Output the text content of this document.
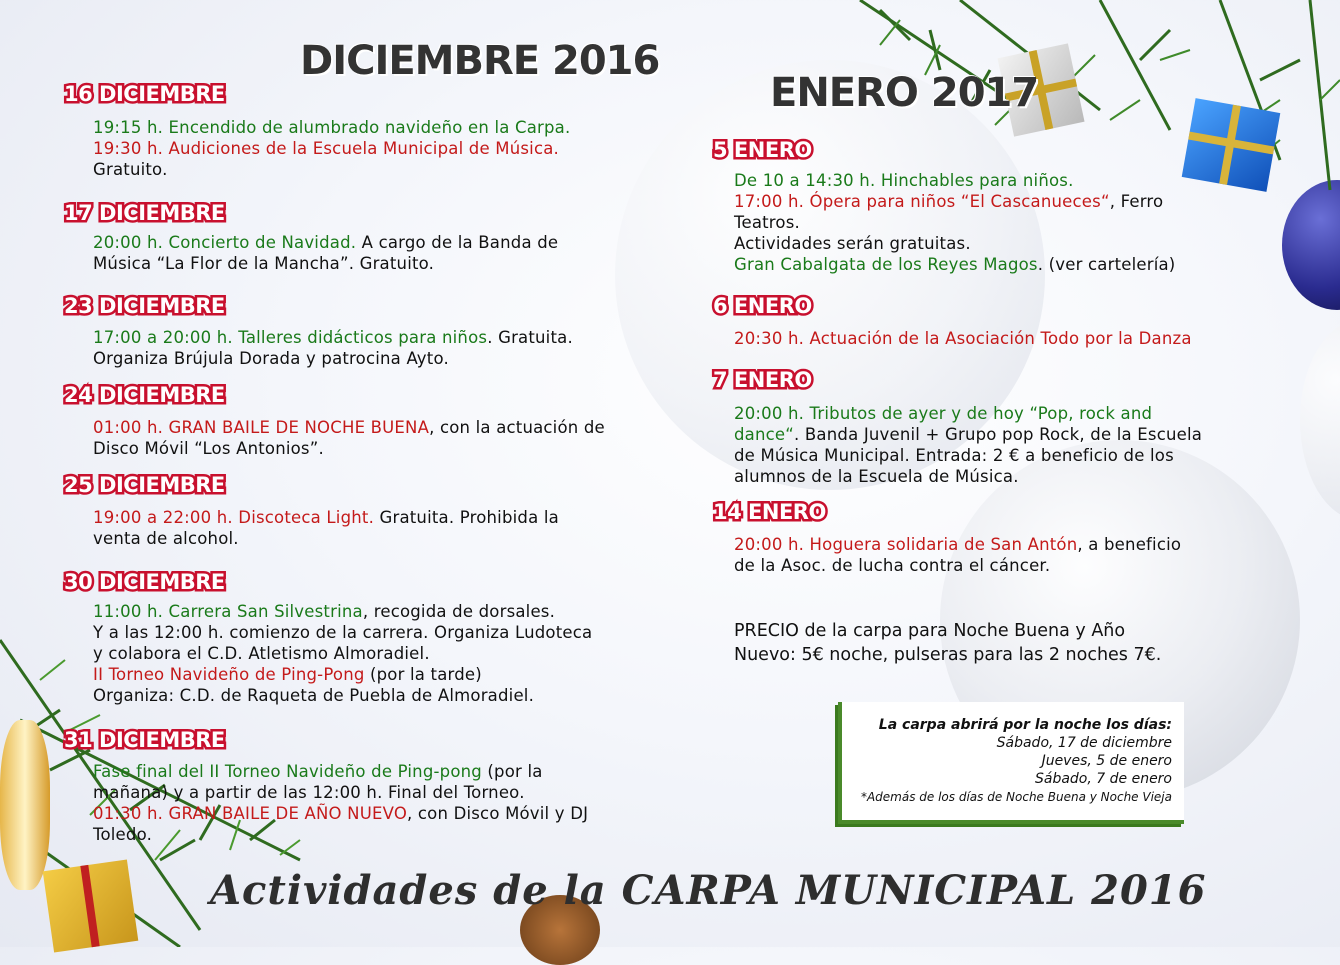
DICIEMBRE 2016
ENERO 2017
16 DICIEMBRE
17 DICIEMBRE
23 DICIEMBRE
24 DICIEMBRE
25 DICIEMBRE
30 DICIEMBRE
31 DICIEMBRE
19:15 h. Encendido de alumbrado navideño en la Carpa.
19:30 h. Audiciones de la Escuela Municipal de Música.
Gratuito.
20:00 h. Concierto de Navidad. A cargo de la Banda de
Música “La Flor de la Mancha”. Gratuito.
17:00 a 20:00 h. Talleres didácticos para niños. Gratuita.
Organiza Brújula Dorada y patrocina Ayto.
01:00 h. GRAN BAILE DE NOCHE BUENA, con la actuación de
Disco Móvil “Los Antonios”.
19:00 a 22:00 h. Discoteca Light. Gratuita. Prohibida la
venta de alcohol.
11:00 h. Carrera San Silvestrina, recogida de dorsales.
Y a las 12:00 h. comienzo de la carrera. Organiza Ludoteca
y colabora el C.D. Atletismo Almoradiel.
II Torneo Navideño de Ping-Pong (por la tarde)
Organiza: C.D. de Raqueta de Puebla de Almoradiel.
Fase final del II Torneo Navideño de Ping-pong (por la
mañana) y a partir de las 12:00 h. Final del Torneo.
01:30 h. GRAN BAILE DE AÑO NUEVO, con Disco Móvil y DJ
Toledo.
5 ENERO
6 ENERO
7 ENERO
14 ENERO
De 10 a 14:30 h. Hinchables para niños.
17:00 h. Ópera para niños “El Cascanueces“, Ferro
Teatros.
Actividades serán gratuitas.
Gran Cabalgata de los Reyes Magos. (ver cartelería)
20:30 h. Actuación de la Asociación Todo por la Danza
20:00 h. Tributos de ayer y de hoy “Pop, rock and
dance“. Banda Juvenil + Grupo pop Rock, de la Escuela
de Música Municipal. Entrada: 2 € a beneficio de los
alumnos de la Escuela de Música.
20:00 h. Hoguera solidaria de San Antón, a beneficio
de la Asoc. de lucha contra el cáncer.
PRECIO de la carpa para Noche Buena y Año
Nuevo: 5€ noche, pulseras para las 2 noches 7€.
La carpa abrirá por la noche los días:
Sábado, 17 de diciembre
Jueves, 5 de enero
Sábado, 7 de enero
*Además de los días de Noche Buena y Noche Vieja
Actividades de la CARPA MUNICIPAL 2016
